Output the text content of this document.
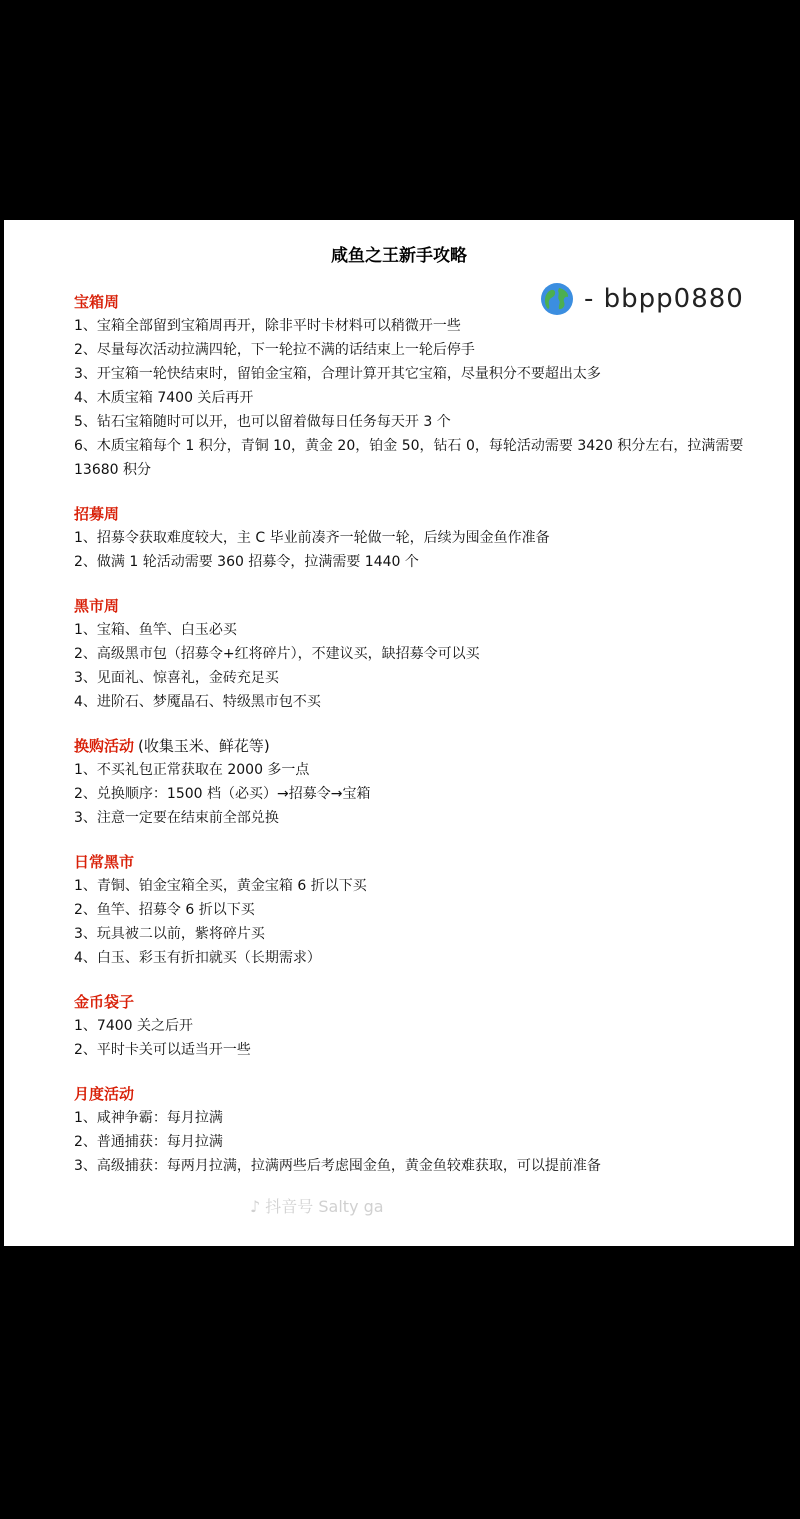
咸鱼之王新手攻略
宝箱周
1、宝箱全部留到宝箱周再开，除非平时卡材料可以稍微开一些
2、尽量每次活动拉满四轮，下一轮拉不满的话结束上一轮后停手
3、开宝箱一轮快结束时，留铂金宝箱，合理计算开其它宝箱，尽量积分不要超出太多
4、木质宝箱 7400 关后再开
5、钻石宝箱随时可以开，也可以留着做每日任务每天开 3 个
6、木质宝箱每个 1 积分，青铜 10，黄金 20，铂金 50，钻石 0，每轮活动需要 3420 积分左右，拉满需要 13680 积分
招募周
1、招募令获取难度较大，主 C 毕业前凑齐一轮做一轮，后续为囤金鱼作准备
2、做满 1 轮活动需要 360 招募令，拉满需要 1440 个
黑市周
1、宝箱、鱼竿、白玉必买
2、高级黑市包（招募令+红将碎片），不建议买，缺招募令可以买
3、见面礼、惊喜礼，金砖充足买
4、进阶石、梦魇晶石、特级黑市包不买
换购活动 (收集玉米、鲜花等)
1、不买礼包正常获取在 2000 多一点
2、兑换顺序：1500 档（必买）→招募令→宝箱
3、注意一定要在结束前全部兑换
日常黑市
1、青铜、铂金宝箱全买，黄金宝箱 6 折以下买
2、鱼竿、招募令 6 折以下买
3、玩具被二以前，紫将碎片买
4、白玉、彩玉有折扣就买（长期需求）
金币袋子
1、7400 关之后开
2、平时卡关可以适当开一些
月度活动
1、咸神争霸：每月拉满
2、普通捕获：每月拉满
3、高级捕获：每两月拉满，拉满两些后考虑囤金鱼，黄金鱼较难获取，可以提前准备
- bbpp0880
♪ 抖音号 Salty ga
